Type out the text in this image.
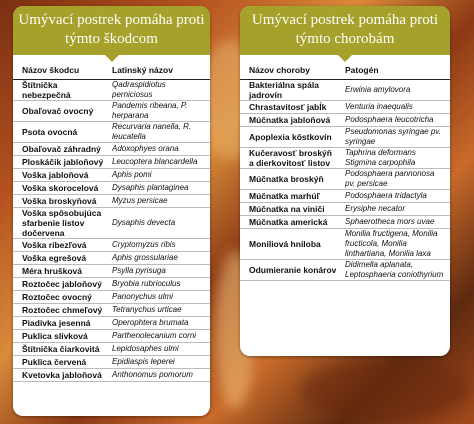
Umývací postrek pomáha proti týmto škodcom
Názov škodcu	Latinský názov
Štítnička nebezpečná	Qadraspidiotus perniciosus
Obaľovač ovocný	Pandemis ribeana, P. herparana
Psota ovocná	Recurvaria nanella, R. leucatella
Obaľovač záhradný	Adoxophyes orana
Ploskáčik jabloňový	Leucoptera blancardella
Voška jabloňová	Aphis pomi
Voška skorocelová	Dysaphis plantaginea
Voška broskyňová	Myzus persicae
Voška spôsobujúca sfarbenie listov dočervena	Dysaphis devecta
Voška ríbezľová	Cryptomyzus ribis
Voška egrešová	Aphis grossulariae
Méra hrušková	Psylla pyrisuga
Roztočec jabloňový	Bryobia rubrioculus
Roztočec ovocný	Panonychus ulmi
Roztočec chmeľový	Tetranychus urticae
Piadivka jesenná	Operophtera brumata
Puklica slivková	Parthenolecanium corni
Štítnička čiarkovitá	Lepidosaphes ulmi
Puklica červená	Epidiaspis leperei
Kvetovka jabloňová	Anthonomus pomorum
Umývací postrek pomáha proti týmto chorobám
Názov choroby	Patogén
Bakteriálna spála jadrovín	Erwinia amylovora
Chrastavitosť jabĺk	Venturia inaequalis
Múčnatka jabloňová	Podosphaera leucotricha
Apoplexia kôstkovín	Pseudomonas syringae pv. syringae
Kučeravosť broskýň a dierkovitosť listov	Taphrina deformans Stigmina carpophila
Múčnatka broskýň	Podosphaera pannonosa pv. persicae
Múčnatka marhúľ	Podosphaera tridactyla
Múčnatka na viniči	Erysiphe necator
Múčnatka americká	Sphaerotheca mors uvae
Moniliová hniloba	Monilia fructigena, Monilia fructicola, Monilia linthartiana, Monilia laxa
Odumieranie konárov	Didimella aplanata, Leptosphaeria coniothyrium
